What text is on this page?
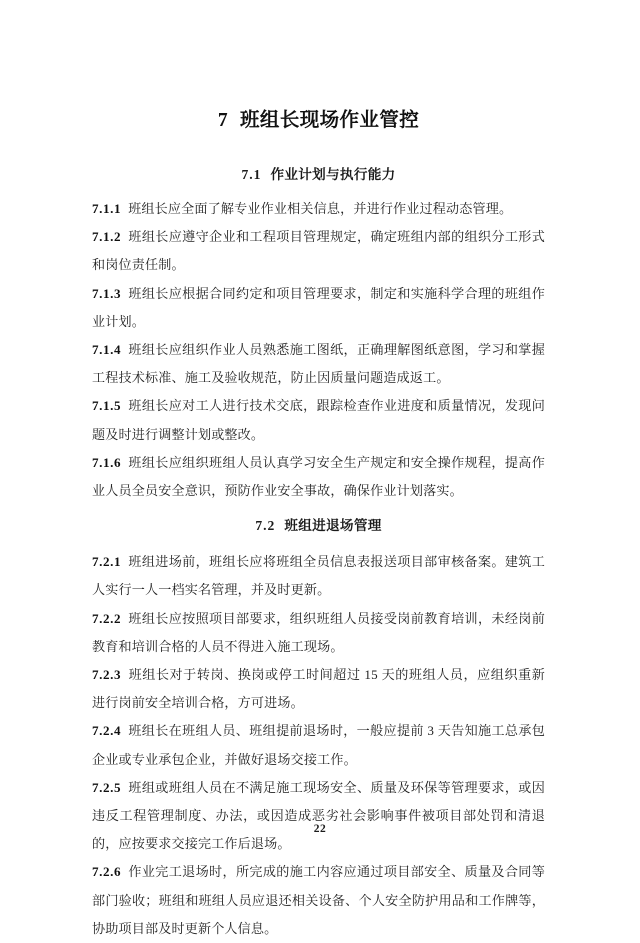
7 班组长现场作业管控
7.1 作业计划与执行能力

7.1.1 班组长应全面了解专业作业相关信息，并进行作业过程动态管理。

7.1.2 班组长应遵守企业和工程项目管理规定，确定班组内部的组织分工形式和岗位责任制。

7.1.3 班组长应根据合同约定和项目管理要求，制定和实施科学合理的班组作业计划。

7.1.4 班组长应组织作业人员熟悉施工图纸，正确理解图纸意图，学习和掌握工程技术标准、施工及验收规范，防止因质量问题造成返工。

7.1.5 班组长应对工人进行技术交底，跟踪检查作业进度和质量情况，发现问题及时进行调整计划或整改。

7.1.6 班组长应组织班组人员认真学习安全生产规定和安全操作规程，提高作业人员全员安全意识，预防作业安全事故，确保作业计划落实。

7.2 班组进退场管理

7.2.1 班组进场前，班组长应将班组全员信息表报送项目部审核备案。建筑工人实行一人一档实名管理，并及时更新。

7.2.2 班组长应按照项目部要求，组织班组人员接受岗前教育培训，未经岗前教育和培训合格的人员不得进入施工现场。

7.2.3 班组长对于转岗、换岗或停工时间超过 15 天的班组人员，应组织重新进行岗前安全培训合格，方可进场。

7.2.4 班组长在班组人员、班组提前退场时，一般应提前 3 天告知施工总承包企业或专业承包企业，并做好退场交接工作。

7.2.5 班组或班组人员在不满足施工现场安全、质量及环保等管理要求，或因违反工程管理制度、办法，或因造成恶劣社会影响事件被项目部处罚和清退的，应按要求交接完工作后退场。

7.2.6 作业完工退场时，所完成的施工内容应通过项目部安全、质量及合同等部门验收；班组和班组人员应退还相关设备、个人安全防护用品和工作牌等，协助项目部及时更新个人信息。

22
